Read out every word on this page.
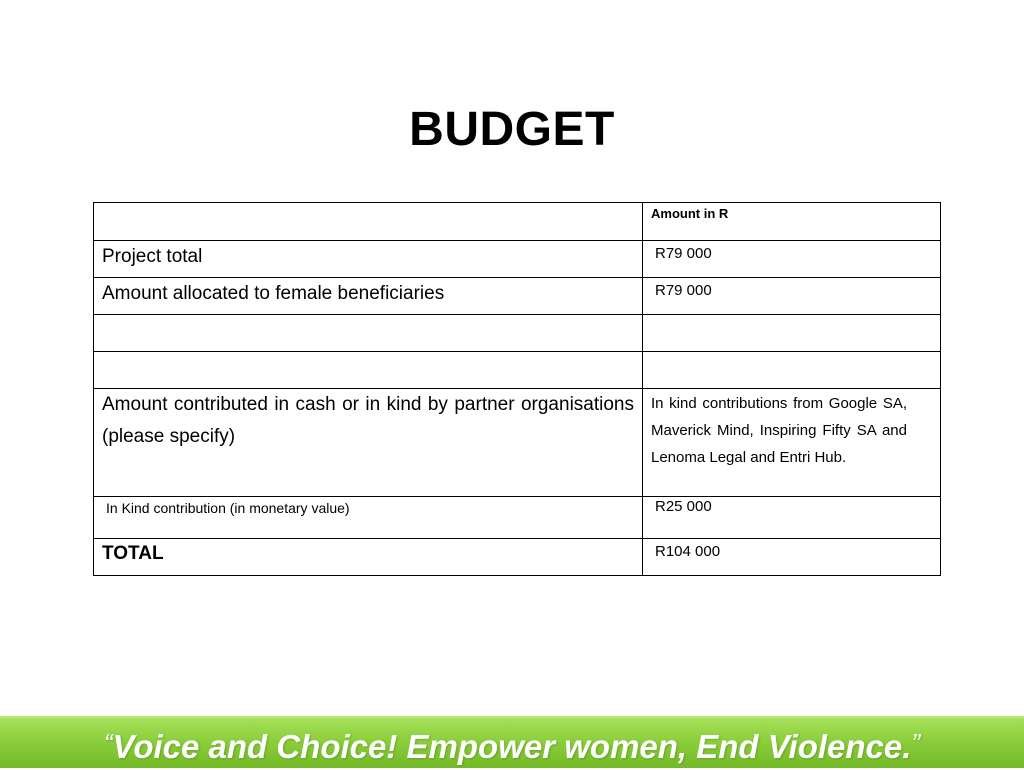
BUDGET

	Amount in R

Project total	R79 000

Amount allocated to female beneficiaries	R79 000

Amount contributed in cash or in kind by partner organisations (please specify)	In kind contributions from Google SA, Maverick Mind, Inspiring Fifty SA and Lenoma Legal and Entri Hub.

In Kind contribution (in monetary value)	R25 000

TOTAL	R104 000
“Voice and Choice! Empower women, End Violence.”
